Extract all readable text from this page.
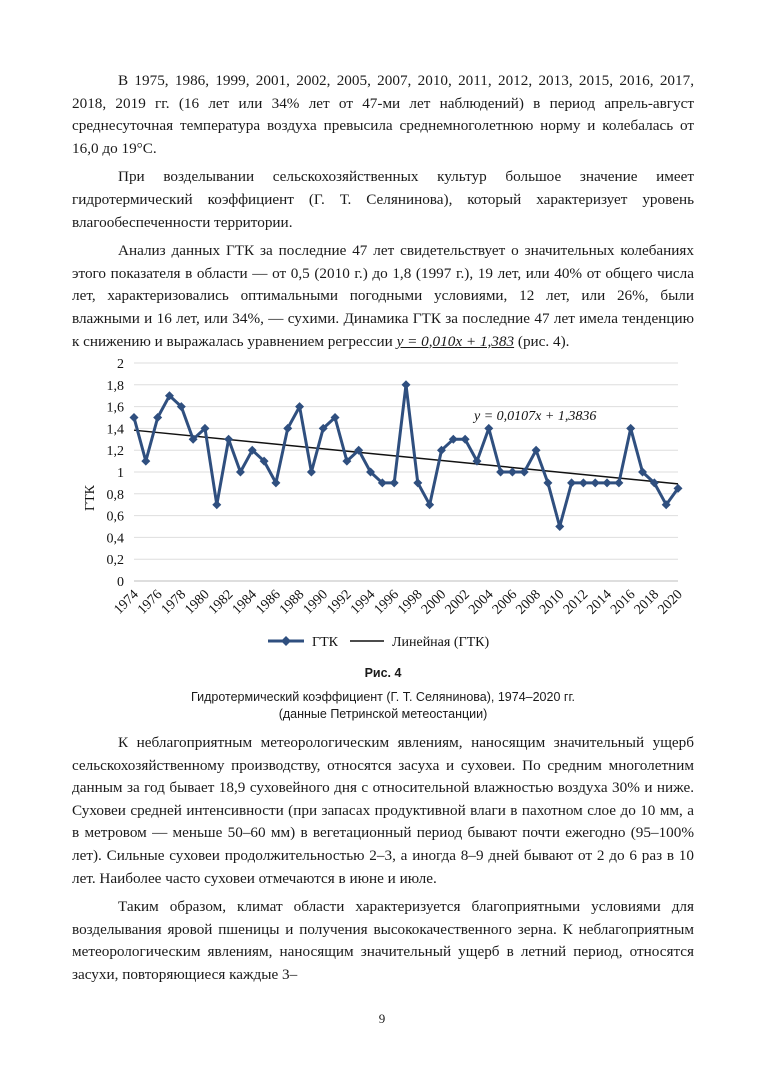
В 1975, 1986, 1999, 2001, 2002, 2005, 2007, 2010, 2011, 2012, 2013, 2015, 2016, 2017, 2018, 2019 гг. (16 лет или 34% лет от 47-ми лет наблюдений) в период апрель-август среднесуточная температура воздуха превысила среднемноголетнюю норму и колебалась от 16,0 до 19°С.

При возделывании сельскохозяйственных культур большое значение имеет гидротермический коэффициент (Г. Т. Селянинова), который характеризует уровень влагообеспеченности территории.

Анализ данных ГТК за последние 47 лет свидетельствует о значительных колебаниях этого показателя в области — от 0,5 (2010 г.) до 1,8 (1997 г.), 19 лет, или 40% от общего числа лет, характеризовались оптимальными погодными условиями, 12 лет, или 26%, были влажными и 16 лет, или 34%, — сухими. Динамика ГТК за последние 47 лет имела тенденцию к снижению и выражалась уравнением регрессии y = 0,010x + 1,383 (рис. 4).

0
0,2
0,4
0,6
0,8
1
1,2
1,4
1,6
1,8
2
ГТК
1974
1976
1978
1980
1982
1984
1986
1988
1990
1992
1994
1996
1998
2000
2002
2004
2006
2008
2010
2012
2014
2016
2018
2020
y = 0,0107x + 1,3836
ГТК	Линейная (ГТК)
Рис. 4
Гидротермический коэффициент (Г. Т. Селянинова), 1974–2020 гг.
(данные Петринской метеостанции)

К неблагоприятным метеорологическим явлениям, наносящим значительный ущерб сельскохозяйственному производству, относятся засуха и суховеи. По средним многолетним данным за год бывает 18,9 суховейного дня с относительной влажностью воздуха 30% и ниже. Суховеи средней интенсивности (при запасах продуктивной влаги в пахотном слое до 10 мм, а в метровом — меньше 50–60 мм) в вегетационный период бывают почти ежегодно (95–100% лет). Сильные суховеи продолжительностью 2–3, а иногда 8–9 дней бывают от 2 до 6 раз в 10 лет. Наиболее часто суховеи отмечаются в июне и июле.

Таким образом, климат области характеризуется благоприятными условиями для возделывания яровой пшеницы и получения высококачественного зерна. К неблагоприятным метеорологическим явлениям, наносящим значительный ущерб в летний период, относятся засухи, повторяющиеся каждые 3–

9
